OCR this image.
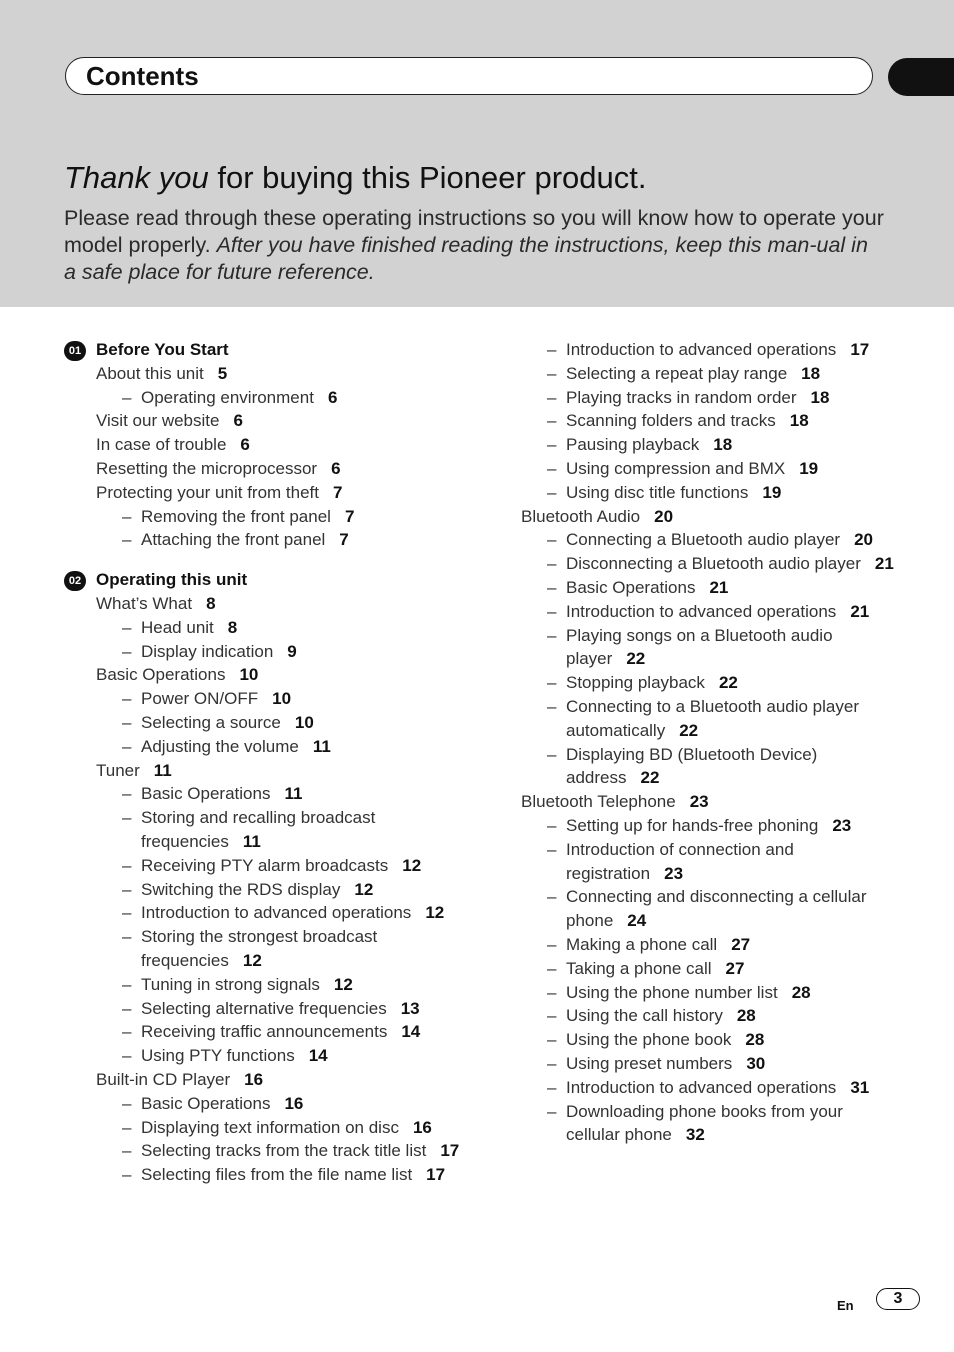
Contents
Thank you for buying this Pioneer product.
Please read through these operating instructions so you will know how to operate your model properly. After you have finished reading the instructions, keep this man-ual in a safe place for future reference.
01 Before You Start
About this unit 5
– Operating environment 6
Visit our website 6
In case of trouble 6
Resetting the microprocessor 6
Protecting your unit from theft 7
– Removing the front panel 7
– Attaching the front panel 7
02 Operating this unit
What’s What 8
– Head unit 8
– Display indication 9
Basic Operations 10
– Power ON/OFF 10
– Selecting a source 10
– Adjusting the volume 11
Tuner 11
– Basic Operations 11
– Storing and recalling broadcast frequencies 11
– Receiving PTY alarm broadcasts 12
– Switching the RDS display 12
– Introduction to advanced operations 12
– Storing the strongest broadcast frequencies 12
– Tuning in strong signals 12
– Selecting alternative frequencies 13
– Receiving traffic announcements 14
– Using PTY functions 14
Built-in CD Player 16
– Basic Operations 16
– Displaying text information on disc 16
– Selecting tracks from the track title list 17
– Selecting files from the file name list 17
– Introduction to advanced operations 17
– Selecting a repeat play range 18
– Playing tracks in random order 18
– Scanning folders and tracks 18
– Pausing playback 18
– Using compression and BMX 19
– Using disc title functions 19
Bluetooth Audio 20
– Connecting a Bluetooth audio player 20
– Disconnecting a Bluetooth audio player 21
– Basic Operations 21
– Introduction to advanced operations 21
– Playing songs on a Bluetooth audio player 22
– Stopping playback 22
– Connecting to a Bluetooth audio player automatically 22
– Displaying BD (Bluetooth Device) address 22
Bluetooth Telephone 23
– Setting up for hands-free phoning 23
– Introduction of connection and registration 23
– Connecting and disconnecting a cellular phone 24
– Making a phone call 27
– Taking a phone call 27
– Using the phone number list 28
– Using the call history 28
– Using the phone book 28
– Using preset numbers 30
– Introduction to advanced operations 31
– Downloading phone books from your cellular phone 32
En	3
